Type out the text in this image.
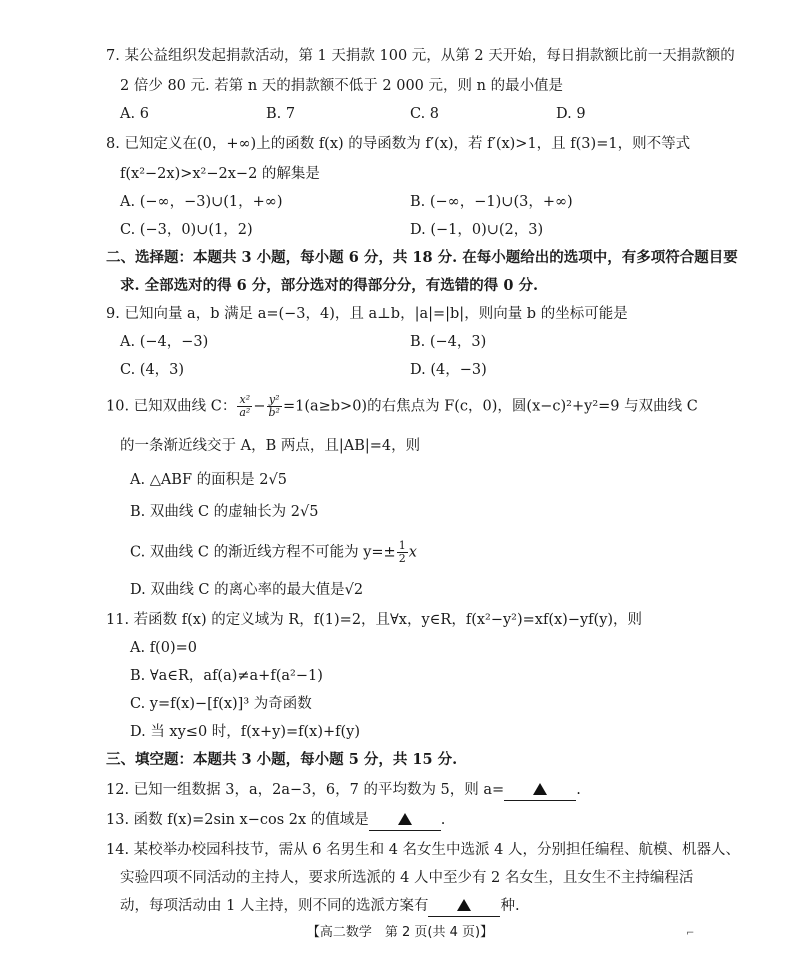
7. 某公益组织发起捐款活动，第 1 天捐款 100 元，从第 2 天开始，每日捐款额比前一天捐款额的
2 倍少 80 元. 若第 n 天的捐款额不低于 2 000 元，则 n 的最小值是
A. 6	B. 7	C. 8	D. 9
8. 已知定义在(0，+∞)上的函数 f(x) 的导函数为 f′(x)，若 f′(x)>1，且 f(3)=1，则不等式
f(x²−2x)>x²−2x−2 的解集是
A. (−∞，−3)∪(1，+∞)	B. (−∞，−1)∪(3，+∞)
C. (−3，0)∪(1，2)	D. (−1，0)∪(2，3)
二、选择题：本题共 3 小题，每小题 6 分，共 18 分. 在每小题给出的选项中，有多项符合题目要
求. 全部选对的得 6 分，部分选对的得部分分，有选错的得 0 分.
9. 已知向量 a，b 满足 a=(−3，4)，且 a⊥b，|a|=|b|，则向量 b 的坐标可能是
A. (−4，−3)	B. (−4，3)
C. (4，3)	D. (4，−3)
10. 已知双曲线 C： $\frac{\text{x²}}{\text{a²}} - \frac{\text{y²}}{\text{b²}} =1(a\ge b>0)$的右焦点为 F(c，0)，圆(x−c)²+y²=9 与双曲线 C
的一条渐近线交于 A，B 两点，且|AB|=4，则
A. △ABF 的面积是 2√5
B. 双曲线 C 的虚轴长为 2√5
C. 双曲线 C 的渐近线方程不可能为 $y=\pm \frac{1}{2}$ x
D. 双曲线 C 的离心率的最大值是√2
11. 若函数 f(x) 的定义域为 R，f(1)=2，且∀x，y∈R，f(x²−y²)=xf(x)−yf(y)，则
A. f(0)=0
B. ∀a∈R，af(a)≠a+f(a²−1)
C. y=f(x)−[f(x)]³ 为奇函数
D. 当 xy≤0 时，f(x+y)=f(x)+f(y)
三、填空题：本题共 3 小题，每小题 5 分，共 15 分.
12. 已知一组数据 3，a，2a−3，6，7 的平均数为 5，则 a=	.
13. 函数 f(x)=2sin x−cos 2x 的值域是	.
14. 某校举办校园科技节，需从 6 名男生和 4 名女生中选派 4 人，分别担任编程、航模、机器人、
实验四项不同活动的主持人，要求所选派的 4 人中至少有 2 名女生，且女生不主持编程活
动，每项活动由 1 人主持，则不同的选派方案有	种.
【高二数学　第 2 页(共 4 页)】	⌐
